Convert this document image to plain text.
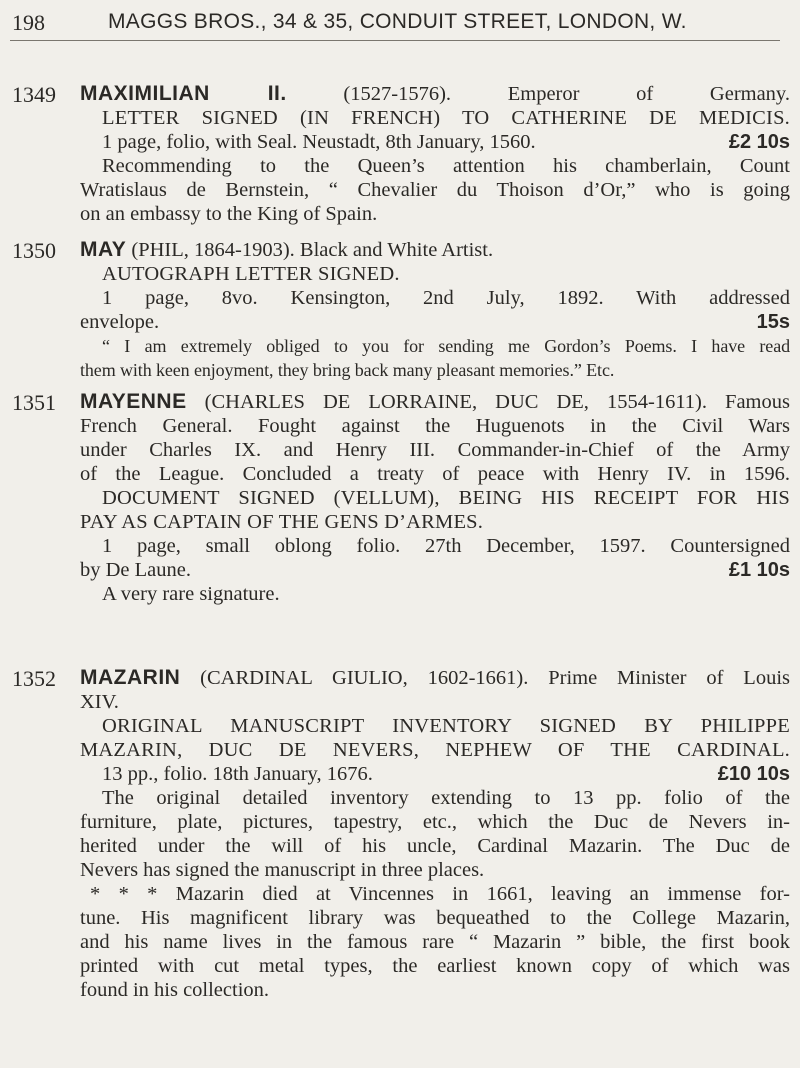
198	MAGGS BROS., 34 & 35, CONDUIT STREET, LONDON, W.
1349 MAXIMILIAN II. (1527-1576). Emperor of Germany.
LETTER SIGNED (IN FRENCH) TO CATHERINE DE MEDICIS.
1 page, folio, with Seal. Neustadt, 8th January, 1560.	£2 10s
Recommending to the Queen’s attention his chamberlain, Count
Wratislaus de Bernstein, “ Chevalier du Thoison d’Or,” who is going
on an embassy to the King of Spain.
1350 MAY (PHIL, 1864-1903). Black and White Artist.
AUTOGRAPH LETTER SIGNED.
1 page, 8vo. Kensington, 2nd July, 1892. With addressed
envelope.	15s
“ I am extremely obliged to you for sending me Gordon’s Poems. I have read
them with keen enjoyment, they bring back many pleasant memories.” Etc.
1351 MAYENNE (CHARLES DE LORRAINE, DUC DE, 1554-1611). Famous
French General. Fought against the Huguenots in the Civil Wars
under Charles IX. and Henry III. Commander-in-Chief of the Army
of the League. Concluded a treaty of peace with Henry IV. in 1596.
DOCUMENT SIGNED (VELLUM), BEING HIS RECEIPT FOR HIS
PAY AS CAPTAIN OF THE GENS D’ARMES.
1 page, small oblong folio. 27th December, 1597. Countersigned
by De Laune.	£1 10s
A very rare signature.
1352 MAZARIN (CARDINAL GIULIO, 1602-1661). Prime Minister of Louis
XIV.
ORIGINAL MANUSCRIPT INVENTORY SIGNED BY PHILIPPE
MAZARIN, DUC DE NEVERS, NEPHEW OF THE CARDINAL.
13 pp., folio. 18th January, 1676.	£10 10s
The original detailed inventory extending to 13 pp. folio of the
furniture, plate, pictures, tapestry, etc., which the Duc de Nevers in-
herited under the will of his uncle, Cardinal Mazarin. The Duc de
Nevers has signed the manuscript in three places.
* * * Mazarin died at Vincennes in 1661, leaving an immense for-
tune. His magnificent library was bequeathed to the College Mazarin,
and his name lives in the famous rare “ Mazarin ” bible, the first book
printed with cut metal types, the earliest known copy of which was
found in his collection.
